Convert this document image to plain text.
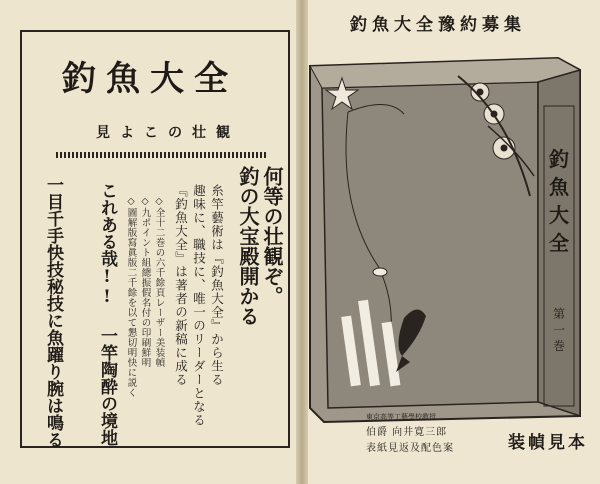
釣魚大全
見よこの壮観
何等の壮観ぞ。
釣の大宝殿開かる
糸竿藝術は『釣魚大全』から生る
趣味に、職技に、唯一のリーダーとなる
『釣魚大全』は著者の新稿に成る
◇全十二巻の六千餘頁レーザー美装幀
◇九ポイント組總振假名付の印刷鮮明
◇圖解版寫眞版二千餘を以て懇切明快に説く
これある哉!! 一竿陶酔の境地
一目千手快技秘技に魚躍り腕は鳴る
釣魚大全豫約募集
釣
魚
大
全
第
一
巻
伯爵 向井寛三郎
表紙見返及配色案
東京高等工藝學校教授
装幀見本
